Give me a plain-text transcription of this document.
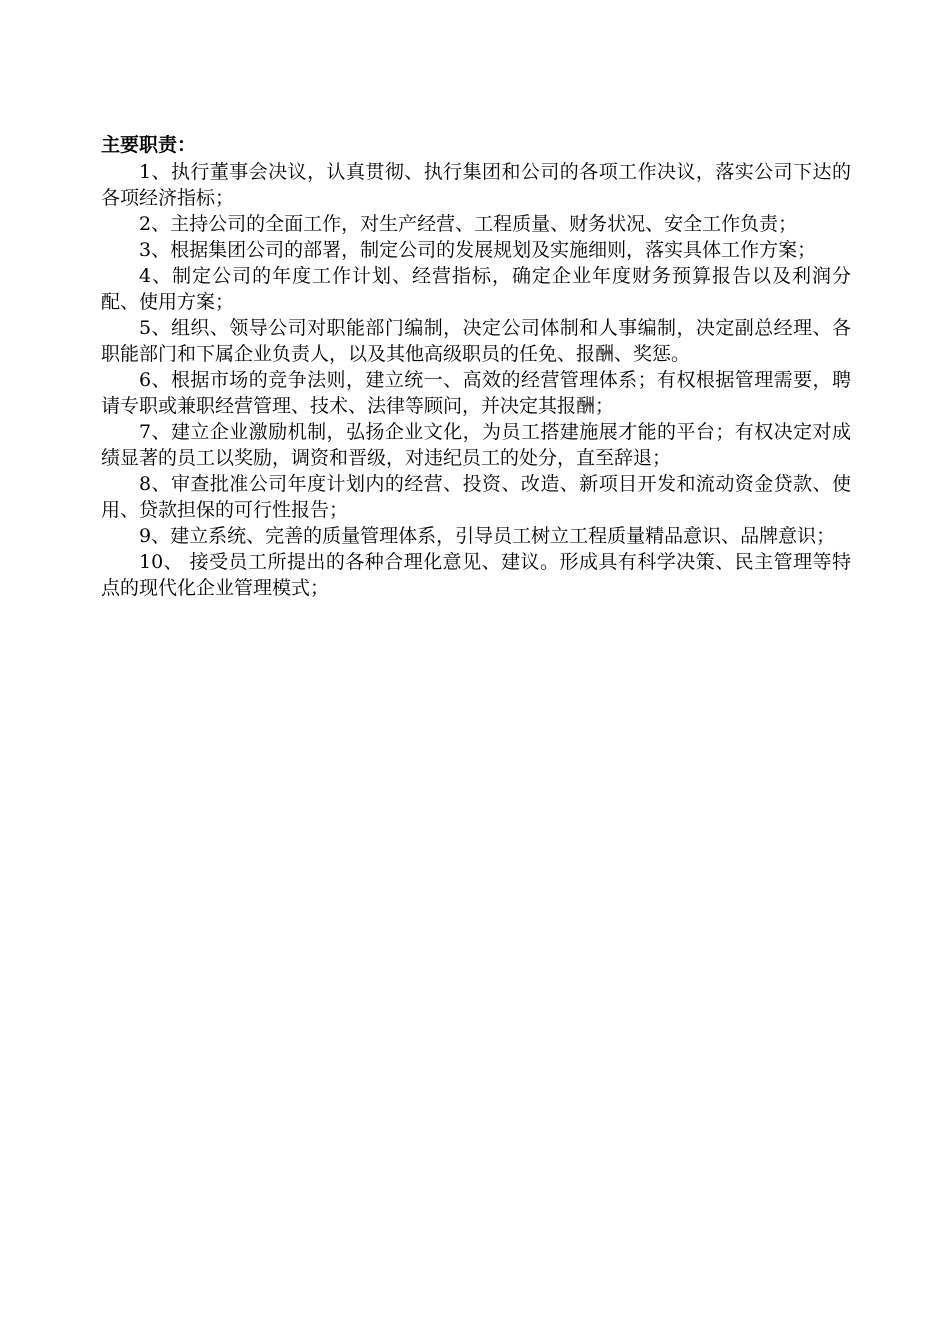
主要职责：

1、执行董事会决议，认真贯彻、执行集团和公司的各项工作决议，落实公司下达的各项经济指标；

2、主持公司的全面工作，对生产经营、工程质量、财务状况、安全工作负责；

3、根据集团公司的部署，制定公司的发展规划及实施细则，落实具体工作方案；

4、制定公司的年度工作计划、经营指标，确定企业年度财务预算报告以及利润分配、使用方案；

5、组织、领导公司对职能部门编制，决定公司体制和人事编制，决定副总经理、各职能部门和下属企业负责人，以及其他高级职员的任免、报酬、奖惩。

6、根据市场的竞争法则，建立统一、高效的经营管理体系；有权根据管理需要，聘请专职或兼职经营管理、技术、法律等顾问，并决定其报酬；

7、建立企业激励机制，弘扬企业文化，为员工搭建施展才能的平台；有权决定对成绩显著的员工以奖励，调资和晋级，对违纪员工的处分，直至辞退；

8、审查批准公司年度计划内的经营、投资、改造、新项目开发和流动资金贷款、使用、贷款担保的可行性报告；

9、建立系统、完善的质量管理体系，引导员工树立工程质量精品意识、品牌意识；

10、 接受员工所提出的各种合理化意见、建议。形成具有科学决策、民主管理等特点的现代化企业管理模式；
